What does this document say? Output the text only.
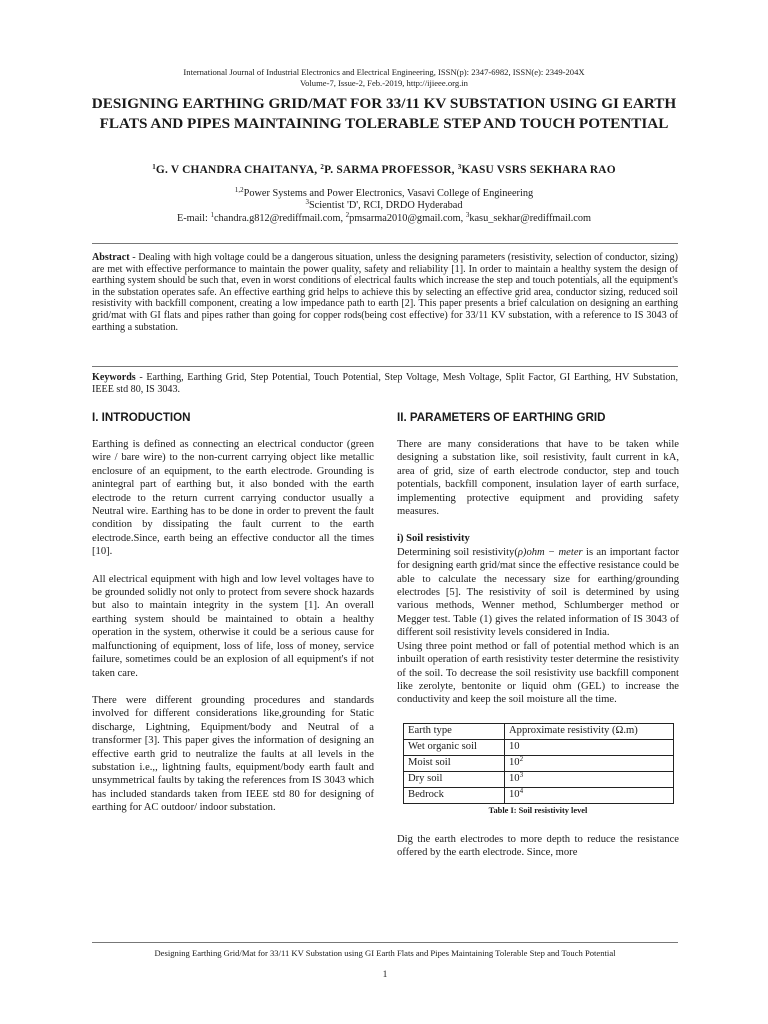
International Journal of Industrial Electronics and Electrical Engineering, ISSN(p): 2347-6982, ISSN(e): 2349-204X
Volume-7, Issue-2, Feb.-2019, http://ijieee.org.in
DESIGNING EARTHING GRID/MAT FOR 33/11 KV SUBSTATION USING GI EARTH FLATS AND PIPES MAINTAINING TOLERABLE STEP AND TOUCH POTENTIAL
$^1$G. V CHANDRA CHAITANYA, $^2$P. SARMA PROFESSOR, $^3$KASU VSRS SEKHARA RAO
$^{1,2}$Power Systems and Power Electronics, Vasavi College of Engineering
$^3$Scientist 'D', RCI, DRDO Hyderabad
E-mail: $^1$chandra.g812@rediffmail.com, $^2$pmsarma2010@gmail.com, $^3$kasu_sekhar@rediffmail.com

Abstract - Dealing with high voltage could be a dangerous situation, unless the designing parameters (resistivity, selection of conductor, sizing) are met with effective performance to maintain the power quality, safety and reliability [1]. In order to maintain a healthy system the design of earthing system should be such that, even in worst conditions of electrical faults which increase the step and touch potentials, all the equipment's in the substation operates safe. An effective earthing grid helps to achieve this by selecting an effective grid area, conductor sizing, reduced soil resistivity with backfill component, creating a low impedance path to earth [2]. This paper presents a brief calculation on designing an earthing grid/mat with GI flats and pipes rather than going for copper rods(being cost effective) for 33/11 KV substation, with a reference to IS 3043 of earthing a substation.

Keywords - Earthing, Earthing Grid, Step Potential, Touch Potential, Step Voltage, Mesh Voltage, Split Factor, GI Earthing, HV Substation, IEEE std 80, IS 3043.

I. INTRODUCTION

Earthing is defined as connecting an electrical conductor (green wire / bare wire) to the non-current carrying object like metallic enclosure of an equipment, to the earth electrode. Grounding is anintegral part of earthing but, it also bonded with the earth electrode to the return current carrying conductor usually a Neutral wire. Earthing has to be done in order to prevent the fault condition by dissipating the fault current to the earth electrode.Since, earth being an effective conductor all the times [10].

All electrical equipment with high and low level voltages have to be grounded solidly not only to protect from severe shock hazards but also to maintain integrity in the system [1]. An overall earthing system should be maintained to obtain a healthy operation in the system, otherwise it could be a serious cause for malfunctioning of equipment, loss of life, loss of money, service failure, sometimes could be an explosion of all equipment's if not taken care.

There were different grounding procedures and standards involved for different considerations like,grounding for Static discharge, Lightning, Equipment/body and Neutral of a transformer [3]. This paper gives the information of designing an effective earth grid to neutralize the faults at all levels in the substation i.e.,, lightning faults, equipment/body earth fault and unsymmetrical faults by taking the references from IS 3043 which has included standards taken from IEEE std 80 for designing of earthing for AC outdoor/ indoor substation.

II. PARAMETERS OF EARTHING GRID

There are many considerations that have to be taken while designing a substation like, soil resistivity, fault current in kA, area of grid, size of earth electrode conductor, step and touch potentials, backfill component, insulation layer of earth surface, implementing protective equipment and providing safety measures.

i) Soil resistivity

Determining soil resistivity(ρ)ohm − meter is an important factor for designing earth grid/mat since the effective resistance could be able to calculate the necessary size for earthing/grounding electrodes [5]. The resistivity of soil is determined by using various methods, Wenner method, Schlumberger method or Megger test. Table (1) gives the related information of IS 3043 of different soil resistivity levels considered in India.

Using three point method or fall of potential method which is an inbuilt operation of earth resistivity tester determine the resistivity of the soil. To decrease the soil resistivity use backfill component like zerolyte, bentonite or liquid ohm (GEL) to increase the conductivity and keep the soil moisture all the time.

Earth type	Approximate resistivity (Ω.m)
Wet organic soil	10
Moist soil	$10^2$
Dry soil	$10^3$
Bedrock	$10^4$
Table I: Soil resistivity level

Dig the earth electrodes to more depth to reduce the resistance offered by the earth electrode. Since, more

Designing Earthing Grid/Mat for 33/11 KV Substation using GI Earth Flats and Pipes Maintaining Tolerable Step and Touch Potential
1
